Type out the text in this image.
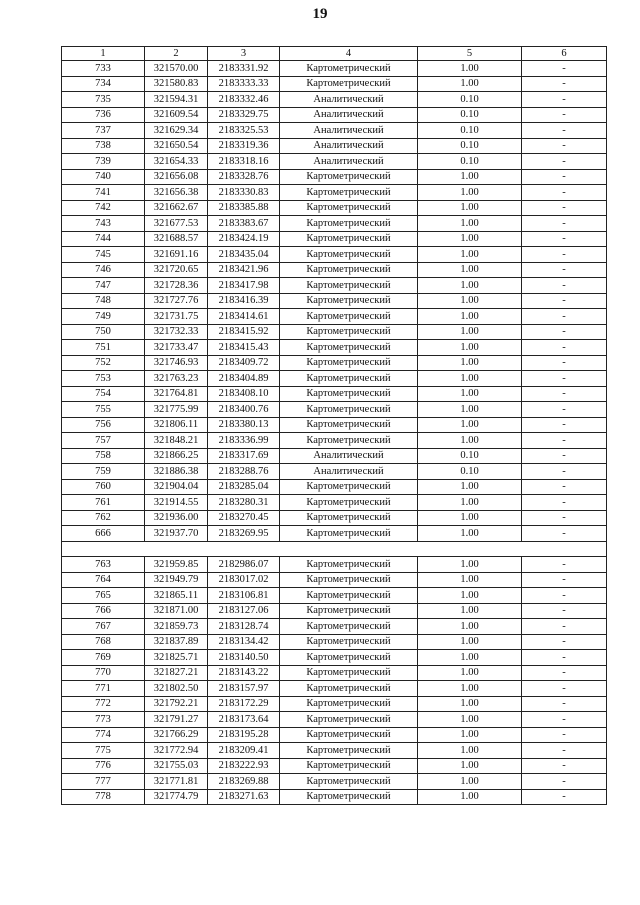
19
1	2	3	4	5	6
733	321570.00	2183331.92	Картометрический	1.00	-
734	321580.83	2183333.33	Картометрический	1.00	-
735	321594.31	2183332.46	Аналитический	0.10	-
736	321609.54	2183329.75	Аналитический	0.10	-
737	321629.34	2183325.53	Аналитический	0.10	-
738	321650.54	2183319.36	Аналитический	0.10	-
739	321654.33	2183318.16	Аналитический	0.10	-
740	321656.08	2183328.76	Картометрический	1.00	-
741	321656.38	2183330.83	Картометрический	1.00	-
742	321662.67	2183385.88	Картометрический	1.00	-
743	321677.53	2183383.67	Картометрический	1.00	-
744	321688.57	2183424.19	Картометрический	1.00	-
745	321691.16	2183435.04	Картометрический	1.00	-
746	321720.65	2183421.96	Картометрический	1.00	-
747	321728.36	2183417.98	Картометрический	1.00	-
748	321727.76	2183416.39	Картометрический	1.00	-
749	321731.75	2183414.61	Картометрический	1.00	-
750	321732.33	2183415.92	Картометрический	1.00	-
751	321733.47	2183415.43	Картометрический	1.00	-
752	321746.93	2183409.72	Картометрический	1.00	-
753	321763.23	2183404.89	Картометрический	1.00	-
754	321764.81	2183408.10	Картометрический	1.00	-
755	321775.99	2183400.76	Картометрический	1.00	-
756	321806.11	2183380.13	Картометрический	1.00	-
757	321848.21	2183336.99	Картометрический	1.00	-
758	321866.25	2183317.69	Аналитический	0.10	-
759	321886.38	2183288.76	Аналитический	0.10	-
760	321904.04	2183285.04	Картометрический	1.00	-
761	321914.55	2183280.31	Картометрический	1.00	-
762	321936.00	2183270.45	Картометрический	1.00	-
666	321937.70	2183269.95	Картометрический	1.00	-

763	321959.85	2182986.07	Картометрический	1.00	-
764	321949.79	2183017.02	Картометрический	1.00	-
765	321865.11	2183106.81	Картометрический	1.00	-
766	321871.00	2183127.06	Картометрический	1.00	-
767	321859.73	2183128.74	Картометрический	1.00	-
768	321837.89	2183134.42	Картометрический	1.00	-
769	321825.71	2183140.50	Картометрический	1.00	-
770	321827.21	2183143.22	Картометрический	1.00	-
771	321802.50	2183157.97	Картометрический	1.00	-
772	321792.21	2183172.29	Картометрический	1.00	-
773	321791.27	2183173.64	Картометрический	1.00	-
774	321766.29	2183195.28	Картометрический	1.00	-
775	321772.94	2183209.41	Картометрический	1.00	-
776	321755.03	2183222.93	Картометрический	1.00	-
777	321771.81	2183269.88	Картометрический	1.00	-
778	321774.79	2183271.63	Картометрический	1.00	-
